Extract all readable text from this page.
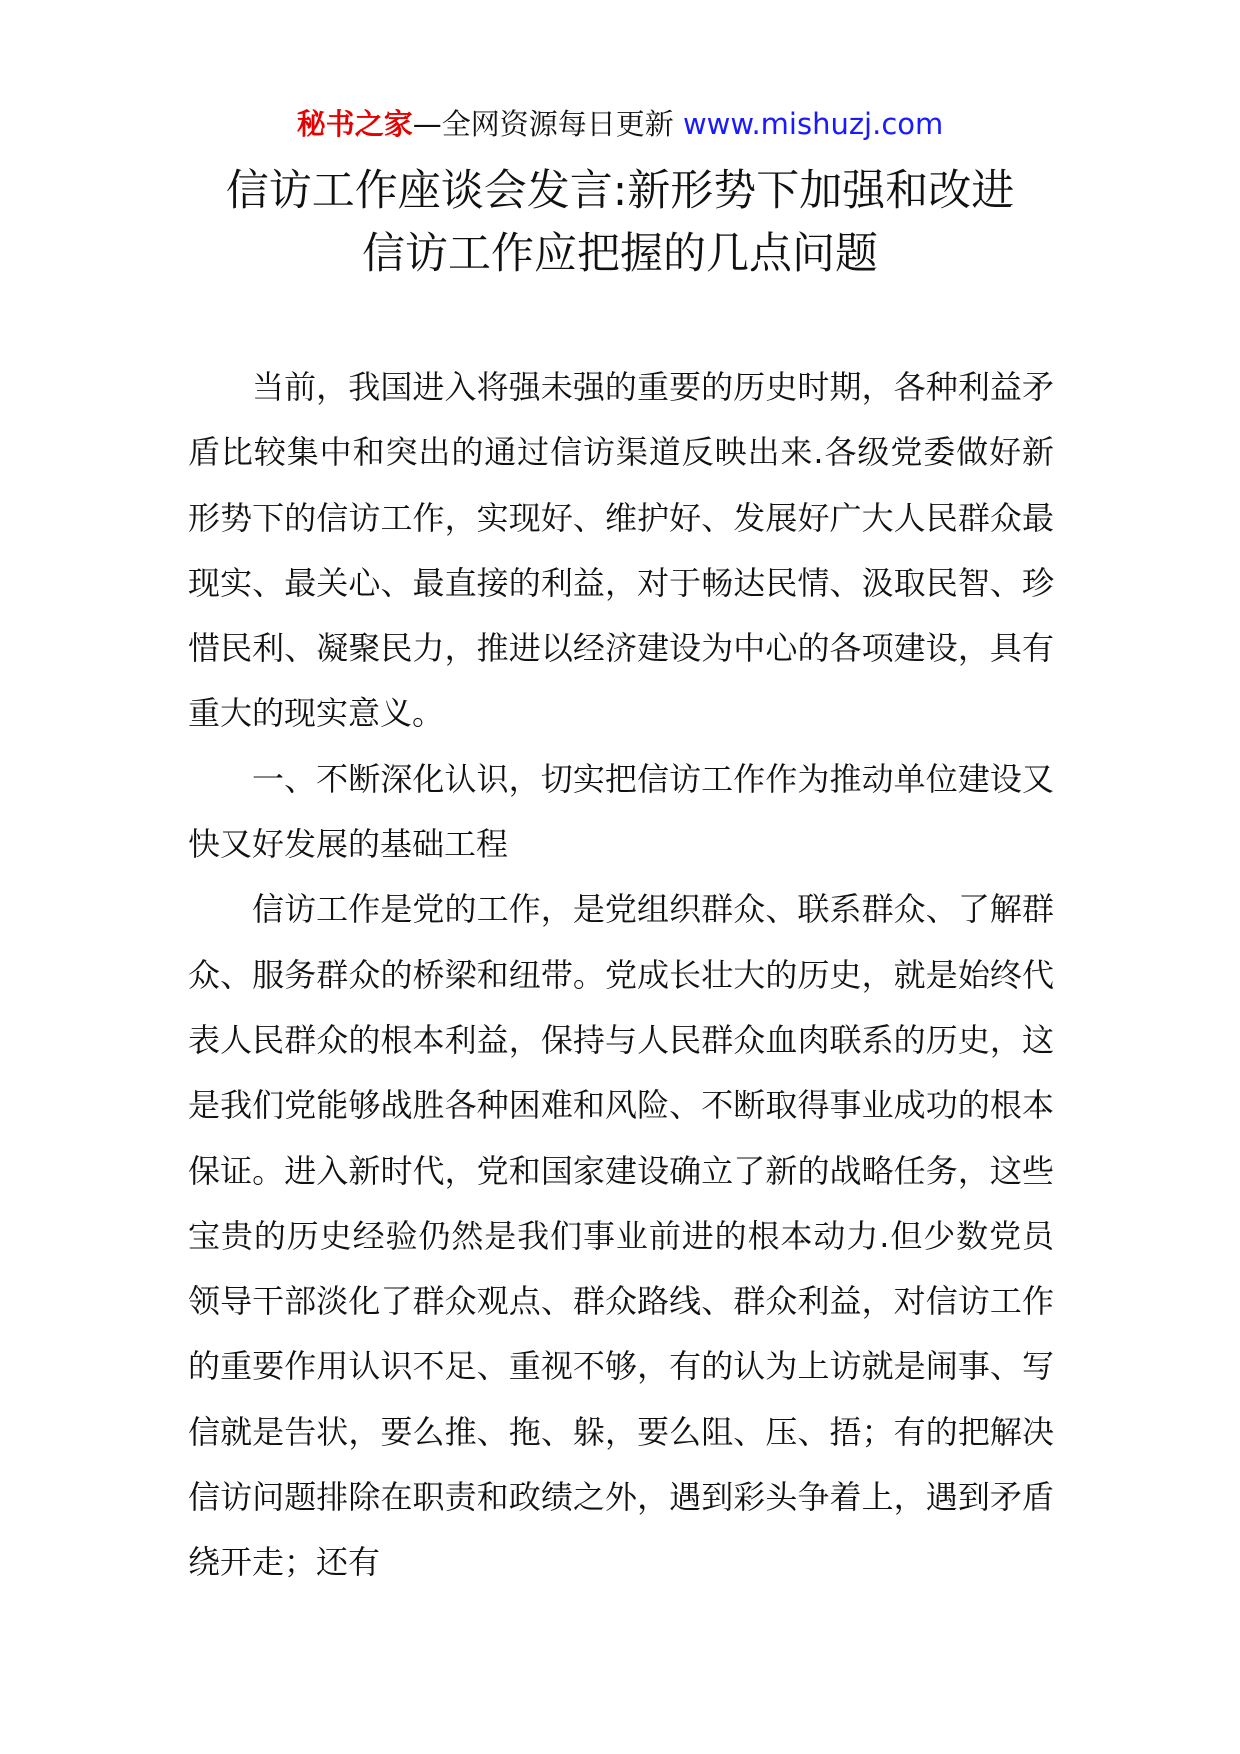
秘书之家—全网资源每日更新 www.mishuzj.com
信访工作座谈会发言:新形势下加强和改进
信访工作应把握的几点问题

当前，我国进入将强未强的重要的历史时期，各种利益矛盾比较集中和突出的通过信访渠道反映出来.各级党委做好新形势下的信访工作，实现好、维护好、发展好广大人民群众最现实、最关心、最直接的利益，对于畅达民情、汲取民智、珍惜民利、凝聚民力，推进以经济建设为中心的各项建设，具有重大的现实意义。

一、不断深化认识，切实把信访工作作为推动单位建设又快又好发展的基础工程

信访工作是党的工作，是党组织群众、联系群众、了解群众、服务群众的桥梁和纽带。党成长壮大的历史，就是始终代表人民群众的根本利益，保持与人民群众血肉联系的历史，这是我们党能够战胜各种困难和风险、不断取得事业成功的根本保证。进入新时代，党和国家建设确立了新的战略任务，这些宝贵的历史经验仍然是我们事业前进的根本动力.但少数党员领导干部淡化了群众观点、群众路线、群众利益，对信访工作的重要作用认识不足、重视不够，有的认为上访就是闹事、写信就是告状，要么推、拖、躲，要么阻、压、捂；有的把解决信访问题排除在职责和政绩之外，遇到彩头争着上，遇到矛盾绕开走；还有
